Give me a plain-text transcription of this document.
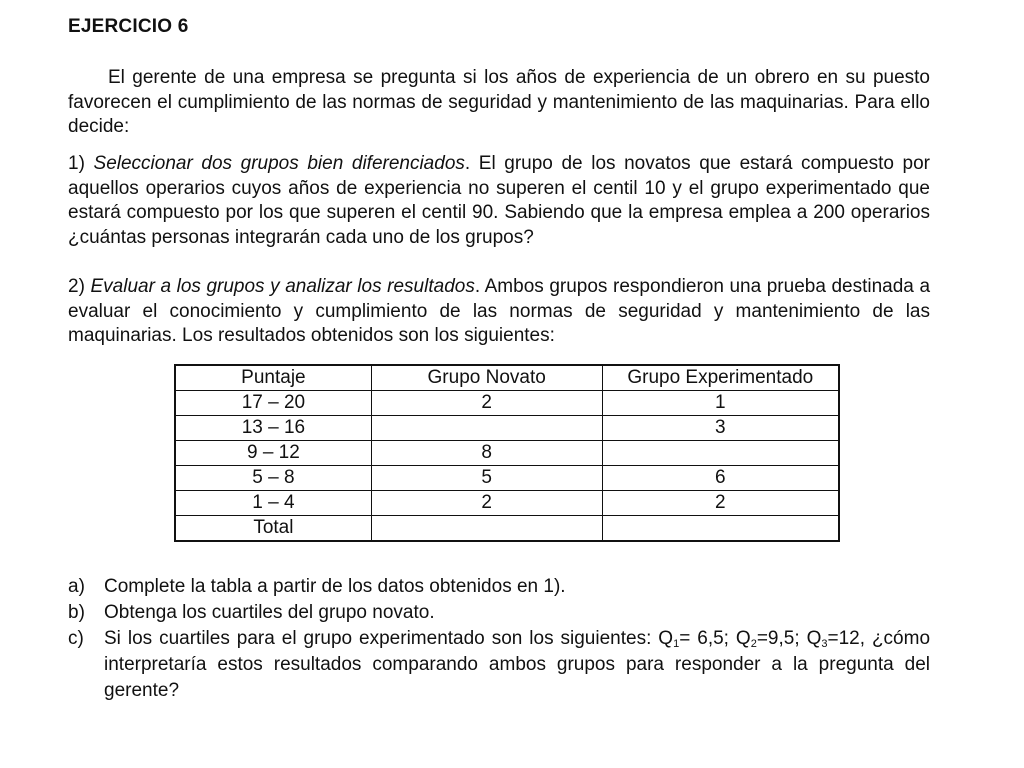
EJERCICIO 6

El gerente de una empresa se pregunta si los años de experiencia de un obrero en su puesto favorecen el cumplimiento de las normas de seguridad y mantenimiento de las maquinarias. Para ello decide:

1) Seleccionar dos grupos bien diferenciados. El grupo de los novatos que estará compuesto por aquellos operarios cuyos años de experiencia no superen el centil 10 y el grupo experimentado que estará compuesto por los que superen el centil 90. Sabiendo que la empresa emplea a 200 operarios ¿cuántas personas integrarán cada uno de los grupos?

2) Evaluar a los grupos y analizar los resultados. Ambos grupos respondieron una prueba destinada a evaluar el conocimiento y cumplimiento de las normas de seguridad y mantenimiento de las maquinarias. Los resultados obtenidos son los siguientes:

Puntaje	Grupo Novato	Grupo Experimentado
17 – 20	2	1
13 – 16		3
9 – 12	8	
5 – 8	5	6
1 – 4	2	2
Total		
a) Complete la tabla a partir de los datos obtenidos en 1).
b) Obtenga los cuartiles del grupo novato.
c) Si los cuartiles para el grupo experimentado son los siguientes: $Q_1= 6,5$; $Q_2=9,5$; $Q_3=12$, ¿cómo interpretaría estos resultados comparando ambos grupos para responder a la pregunta del gerente?
